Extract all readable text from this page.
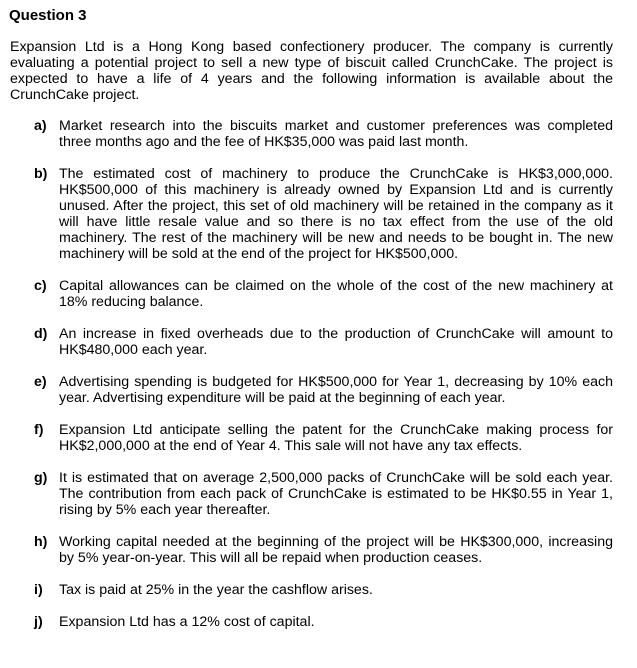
Question 3
Expansion Ltd is a Hong Kong based confectionery producer. The company is currently evaluating a potential project to sell a new type of biscuit called CrunchCake. The project is expected to have a life of 4 years and the following information is available about the CrunchCake project.
a) Market research into the biscuits market and customer preferences was completed three months ago and the fee of HK$35,000 was paid last month.
b) The estimated cost of machinery to produce the CrunchCake is HK$3,000,000. HK$500,000 of this machinery is already owned by Expansion Ltd and is currently unused. After the project, this set of old machinery will be retained in the company as it will have little resale value and so there is no tax effect from the use of the old machinery. The rest of the machinery will be new and needs to be bought in. The new machinery will be sold at the end of the project for HK$500,000.
c) Capital allowances can be claimed on the whole of the cost of the new machinery at 18% reducing balance.
d) An increase in fixed overheads due to the production of CrunchCake will amount to HK$480,000 each year.
e) Advertising spending is budgeted for HK$500,000 for Year 1, decreasing by 10% each year. Advertising expenditure will be paid at the beginning of each year.
f)	Expansion Ltd anticipate selling the patent for the CrunchCake making process for HK$2,000,000 at the end of Year 4. This sale will not have any tax effects.
g) It is estimated that on average 2,500,000 packs of CrunchCake will be sold each year. The contribution from each pack of CrunchCake is estimated to be HK$0.55 in Year 1, rising by 5% each year thereafter.
h) Working capital needed at the beginning of the project will be HK$300,000, increasing by 5% year-on-year. This will all be repaid when production ceases.
i)	Tax is paid at 25% in the year the cashflow arises.
j)	Expansion Ltd has a 12% cost of capital.
